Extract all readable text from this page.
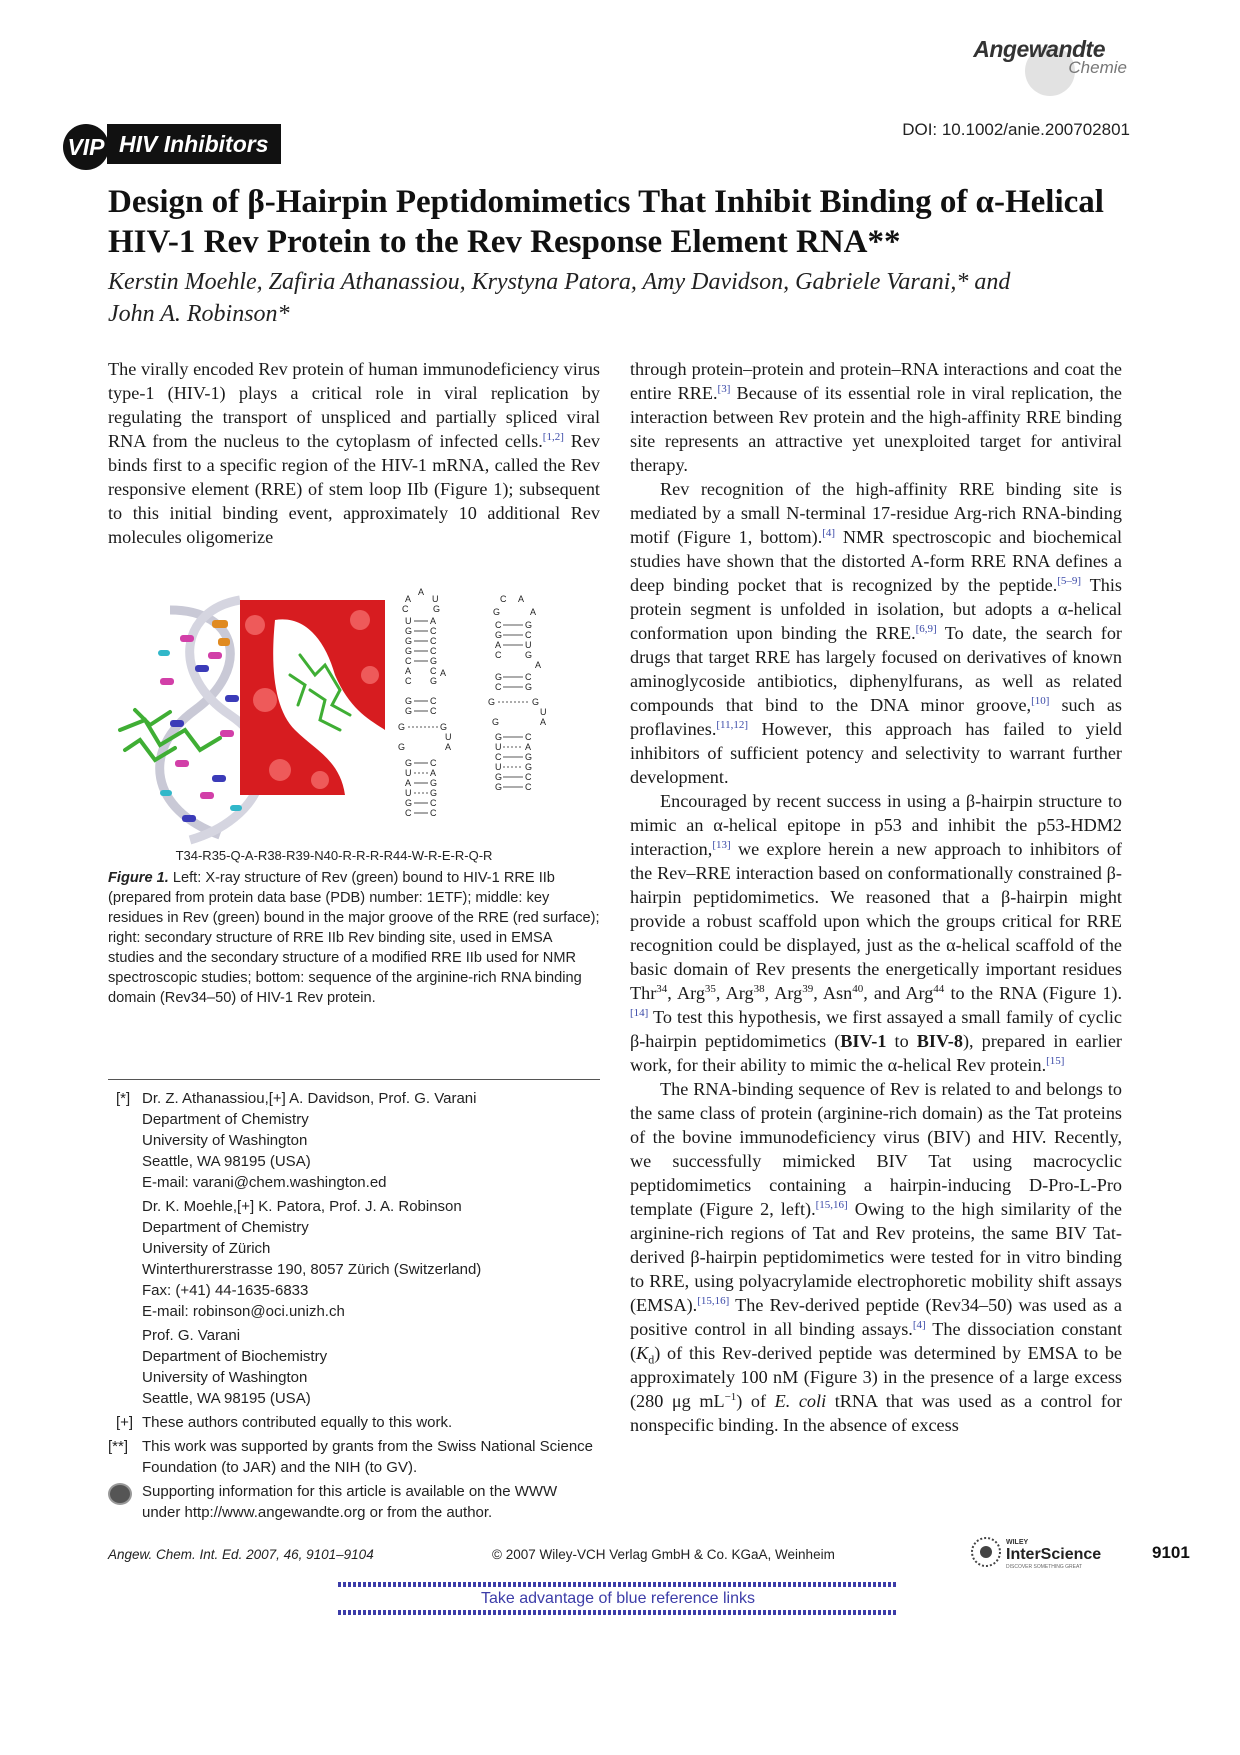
Angewandte
Chemie
VIP HIV Inhibitors
DOI: 10.1002/anie.200702801
Design of β-Hairpin Peptidomimetics That Inhibit Binding of α-Helical
HIV-1 Rev Protein to the Rev Response Element RNA**
Kerstin Moehle, Zafiria Athanassiou, Krystyna Patora, Amy Davidson, Gabriele Varani,* and
John A. Robinson*

The virally encoded Rev protein of human immunodeficiency virus type-1 (HIV-1) plays a critical role in viral replication by regulating the transport of unspliced and partially spliced viral RNA from the nucleus to the cytoplasm of infected cells.[1,2] Rev binds first to a specific region of the HIV-1 mRNA, called the Rev responsive element (RRE) of stem loop IIb (Figure 1); subsequent to this initial binding event, approximately 10 additional Rev molecules oligomerize

A
A U
C	G
U A
G C
G C
G C
C G
A C
C G
A
G C
G C
G	G
U
A
G
G C
U A
A G
U G
G C
C C
C A
G	A
C	G
G	C
A	U
C	G
A
G	C
C	G
G	G
U
A
G
G	C
U	A
C	G
U	G
G	C
G	C
T34-R35-Q-A-R38-R39-N40-R-R-R-R44-W-R-E-R-Q-R
Figure 1. Left: X-ray structure of Rev (green) bound to HIV-1 RRE IIb (prepared from protein data base (PDB) number: 1ETF); middle: key residues in Rev (green) bound in the major groove of the RRE (red surface); right: secondary structure of RRE IIb Rev binding site, used in EMSA studies and the secondary structure of a modified RRE IIb used for NMR spectroscopic studies; bottom: sequence of the arginine-rich RNA binding domain (Rev34–50) of HIV-1 Rev protein.
[*] Dr. Z. Athanassiou,[+] A. Davidson, Prof. G. Varani
Department of Chemistry
University of Washington
Seattle, WA 98195 (USA)
E-mail: varani@chem.washington.ed
Dr. K. Moehle,[+] K. Patora, Prof. J. A. Robinson
Department of Chemistry
University of Zürich
Winterthurerstrasse 190, 8057 Zürich (Switzerland)
Fax: (+41) 44-1635-6833
E-mail: robinson@oci.unizh.ch
Prof. G. Varani
Department of Biochemistry
University of Washington
Seattle, WA 98195 (USA)
[+] These authors contributed equally to this work.
[**] This work was supported by grants from the Swiss National Science
Foundation (to JAR) and the NIH (to GV).
Supporting information for this article is available on the WWW
under http://www.angewandte.org or from the author.

through protein–protein and protein–RNA interactions and coat the entire RRE.[3] Because of its essential role in viral replication, the interaction between Rev protein and the high-affinity RRE binding site represents an attractive yet unexploited target for antiviral therapy.

Rev recognition of the high-affinity RRE binding site is mediated by a small N-terminal 17-residue Arg-rich RNA-binding motif (Figure 1, bottom).[4] NMR spectroscopic and biochemical studies have shown that the distorted A-form RRE RNA defines a deep binding pocket that is recognized by the peptide.[5–9] This protein segment is unfolded in isolation, but adopts a α-helical conformation upon binding the RRE.[6,9] To date, the search for drugs that target RRE has largely focused on derivatives of known aminoglycoside antibiotics, diphenylfurans, as well as related compounds that bind to the DNA minor groove,[10] such as proflavines.[11,12] However, this approach has failed to yield inhibitors of sufficient potency and selectivity to warrant further development.

Encouraged by recent success in using a β-hairpin structure to mimic an α-helical epitope in p53 and inhibit the p53-HDM2 interaction,[13] we explore herein a new approach to inhibitors of the Rev–RRE interaction based on conformationally constrained β-hairpin peptidomimetics. We reasoned that a β-hairpin might provide a robust scaffold upon which the groups critical for RRE recognition could be displayed, just as the α-helical scaffold of the basic domain of Rev presents the energetically important residues Thr$^{34}$, Arg$^{35}$, Arg$^{38}$, Arg$^{39}$, Asn$^{40}$, and Arg$^{44}$ to the RNA (Figure 1).[14] To test this hypothesis, we first assayed a small family of cyclic β-hairpin peptidomimetics (BIV-1 to BIV-8), prepared in earlier work, for their ability to mimic the α-helical Rev protein.[15]

The RNA-binding sequence of Rev is related to and belongs to the same class of protein (arginine-rich domain) as the Tat proteins of the bovine immunodeficiency virus (BIV) and HIV. Recently, we successfully mimicked BIV Tat using macrocyclic peptidomimetics containing a hairpin-inducing D-Pro-L-Pro template (Figure 2, left).[15,16] Owing to the high similarity of the arginine-rich regions of Tat and Rev proteins, the same BIV Tat-derived β-hairpin peptidomimetics were tested for in vitro binding to RRE, using polyacrylamide electrophoretic mobility shift assays (EMSA).[15,16] The Rev-derived peptide (Rev34–50) was used as a positive control in all binding assays.[4] The dissociation constant $(K_d)$ of this Rev-derived peptide was determined by EMSA to be approximately 100 nM (Figure 3) in the presence of a large excess (280 μg $mL^{-1}$) of E. coli tRNA that was used as a control for nonspecific binding. In the absence of excess

Angew. Chem. Int. Ed. 2007, 46, 9101–9104	© 2007 Wiley-VCH Verlag GmbH & Co. KGaA, Weinheim
WILEY
InterScience
DISCOVER SOMETHING GREAT
9101
Take advantage of blue reference links
